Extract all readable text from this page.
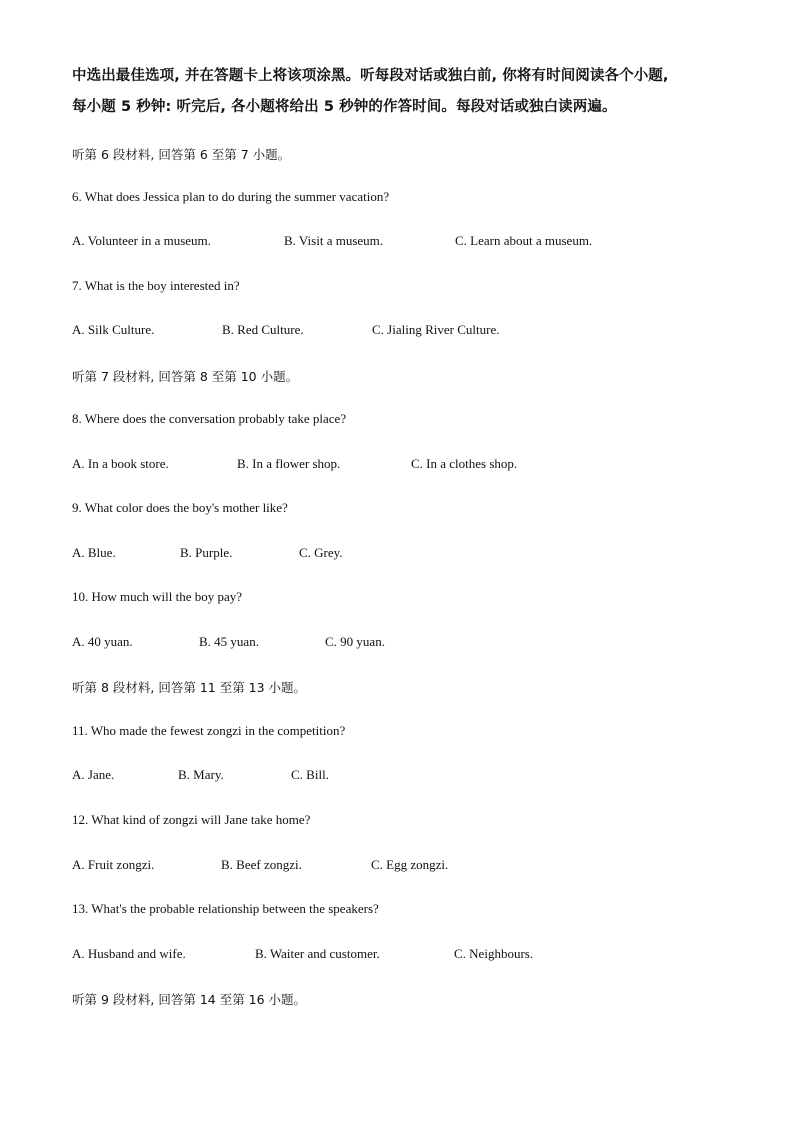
中选出最佳选项, 并在答题卡上将该项涂黑。听每段对话或独白前, 你将有时间阅读各个小题,
每小题 5 秒钟: 听完后, 各小题将给出 5 秒钟的作答时间。每段对话或独白读两遍。
听第 6 段材料, 回答第 6 至第 7 小题。
6. What does Jessica plan to do during the summer vacation?
A. Volunteer in a museum.	B. Visit a museum.	C. Learn about a museum.
7. What is the boy interested in?
A. Silk Culture.	B. Red Culture.	C. Jialing River Culture.
听第 7 段材料, 回答第 8 至第 10 小题。
8. Where does the conversation probably take place?
A. In a book store.	B. In a flower shop.	C. In a clothes shop.
9. What color does the boy's mother like?
A. Blue.	B. Purple.	C. Grey.
10. How much will the boy pay?
A. 40 yuan.	B. 45 yuan.	C. 90 yuan.
听第 8 段材料, 回答第 11 至第 13 小题。
11. Who made the fewest zongzi in the competition?
A. Jane.	B. Mary.	C. Bill.
12. What kind of zongzi will Jane take home?
A. Fruit zongzi.	B. Beef zongzi.	C. Egg zongzi.
13. What's the probable relationship between the speakers?
A. Husband and wife.	B. Waiter and customer.	C. Neighbours.
听第 9 段材料, 回答第 14 至第 16 小题。
